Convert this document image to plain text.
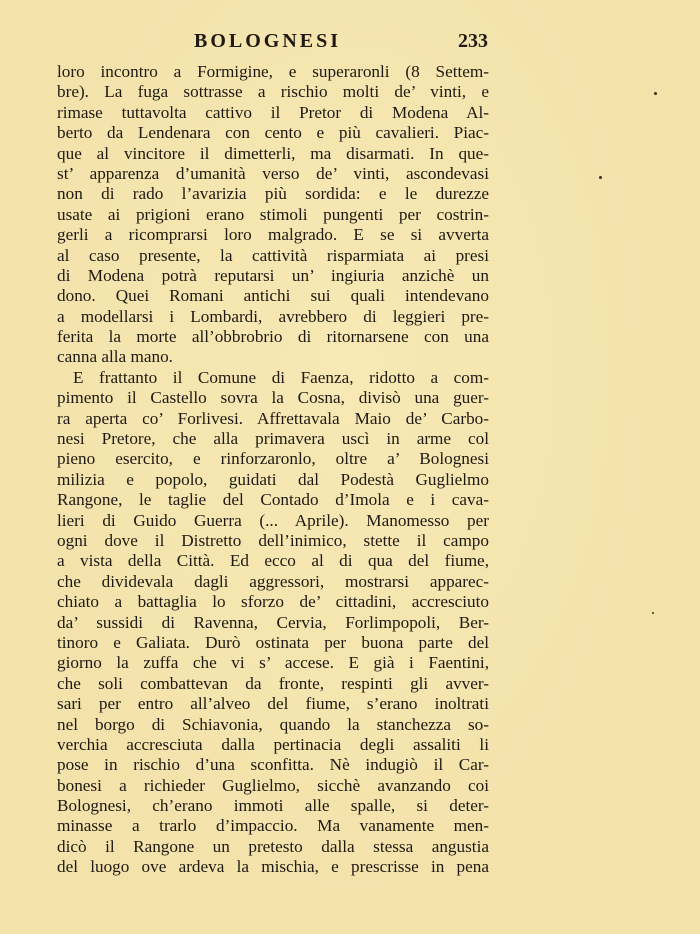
BOLOGNESI	233
loro incontro a Formigine, e superaronli (8 Settem-
bre). La fuga sottrasse a rischio molti de’ vinti, e
rimase tuttavolta cattivo il Pretor di Modena Al-
berto da Lendenara con cento e più cavalieri. Piac-
que al vincitore il dimetterli, ma disarmati. In que-
st’ apparenza d’umanità verso de’ vinti, ascondevasi
non di rado l’avarizia più sordida: e le durezze
usate ai prigioni erano stimoli pungenti per costrin-
gerli a ricomprarsi loro malgrado. E se si avverta
al caso presente, la cattività risparmiata ai presi
di Modena potrà reputarsi un’ ingiuria anzichè un
dono. Quei Romani antichi sui quali intendevano
a modellarsi i Lombardi, avrebbero di leggieri pre-
ferita la morte all’obbrobrio di ritornarsene con una
canna alla mano.
E frattanto il Comune di Faenza, ridotto a com-
pimento il Castello sovra la Cosna, divisò una guer-
ra aperta co’ Forlivesi. Affrettavala Maio de’ Carbo-
nesi Pretore, che alla primavera uscì in arme col
pieno esercito, e rinforzaronlo, oltre a’ Bolognesi
milizia e popolo, guidati dal Podestà Guglielmo
Rangone, le taglie del Contado d’Imola e i cava-
lieri di Guido Guerra (... Aprile). Manomesso per
ogni dove il Distretto dell’inimico, stette il campo
a vista della Città. Ed ecco al di qua del fiume,
che dividevala dagli aggressori, mostrarsi apparec-
chiato a battaglia lo sforzo de’ cittadini, accresciuto
da’ sussidi di Ravenna, Cervia, Forlimpopoli, Ber-
tinoro e Galiata. Durò ostinata per buona parte del
giorno la zuffa che vi s’ accese. E già i Faentini,
che soli combattevan da fronte, respinti gli avver-
sari per entro all’alveo del fiume, s’erano inoltrati
nel borgo di Schiavonia, quando la stanchezza so-
verchia accresciuta dalla pertinacia degli assaliti li
pose in rischio d’una sconfitta. Nè indugiò il Car-
bonesi a richieder Guglielmo, sicchè avanzando coi
Bolognesi, ch’erano immoti alle spalle, si deter-
minasse a trarlo d’impaccio. Ma vanamente men-
dicò il Rangone un pretesto dalla stessa angustia
del luogo ove ardeva la mischia, e prescrisse in pena
